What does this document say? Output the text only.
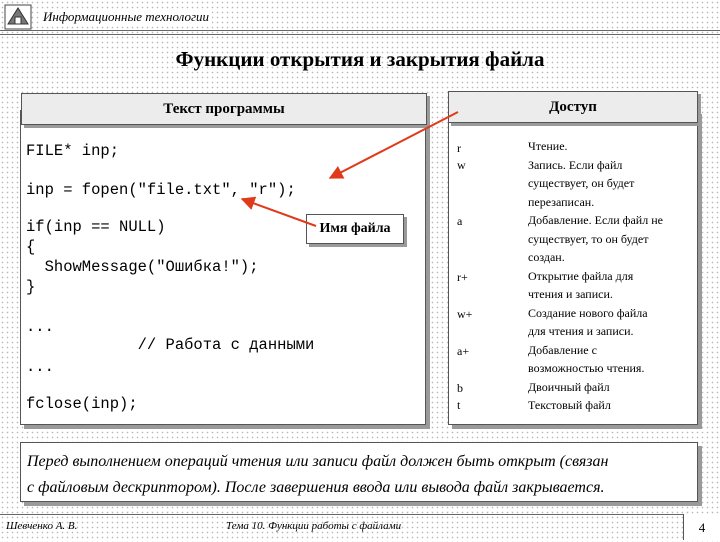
Информационные технологии
Функции открытия и закрытия файла
Текст программы
FILE* inp;
inp = fopen("file.txt", "r");
if(inp == NULL)
{
ShowMessage("Ошибка!");
}
...
// Работа с данными
...
fclose(inp);
Имя файла
Доступ
r
w
a
r+
w+
a+
b
t
Чтение.
Запись. Если файл
существует, он будет
перезаписан.
Добавление. Если файл не
существует, то он будет
создан.
Открытие файла для
чтения и записи.
Создание нового файла
для чтения и записи.
Добавление с
возможностью чтения.
Двоичный файл
Текстовый файл
Перед выполнением операций чтения или записи файл должен быть открыт (связан
с файловым дескриптором). После завершения ввода или вывода файл закрывается.
Шевченко А. В.	Тема 10. Функции работы с файлами	4
